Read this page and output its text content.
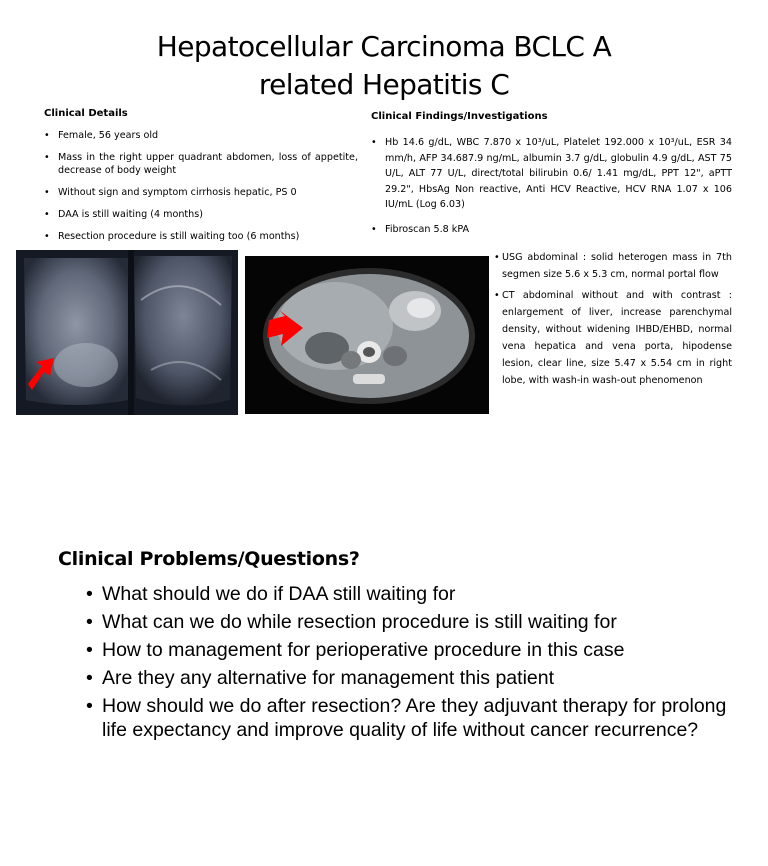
Hepatocellular Carcinoma BCLC A
related Hepatitis C
Clinical Details
• Female, 56 years old
• Mass in the right upper quadrant abdomen, loss of appetite, decrease of body weight
• Without sign and symptom cirrhosis hepatic, PS 0
• DAA is still waiting (4 months)
• Resection procedure is still waiting too (6 months)
Clinical Findings/Investigations
• Hb 14.6 g/dL, WBC 7.870 x 10³/uL, Platelet 192.000 x 10³/uL, ESR 34 mm/h, AFP 34.687.9 ng/mL, albumin 3.7 g/dL, globulin 4.9 g/dL, AST 75 U/L, ALT 77 U/L, direct/total bilirubin 0.6/ 1.41 mg/dL, PPT 12", aPTT 29.2", HbsAg Non reactive, Anti HCV Reactive, HCV RNA 1.07 x 106 IU/mL (Log 6.03)
• Fibroscan 5.8 kPA
• USG abdominal : solid heterogen mass in 7th segmen size 5.6 x 5.3 cm, normal portal flow
• CT abdominal without and with contrast : enlargement of liver, increase parenchymal density, without widening IHBD/EHBD, normal vena hepatica and vena porta, hipodense lesion, clear line, size 5.47 x 5.54 cm in right lobe, with wash-in wash-out phenomenon
Clinical Problems/Questions?
• What should we do if DAA still waiting for
• What can we do while resection procedure is still waiting for
• How to management for perioperative procedure in this case
• Are they any alternative for management this patient
• How should we do after resection? Are they adjuvant therapy for prolong life expectancy and improve quality of life without cancer recurrence?
